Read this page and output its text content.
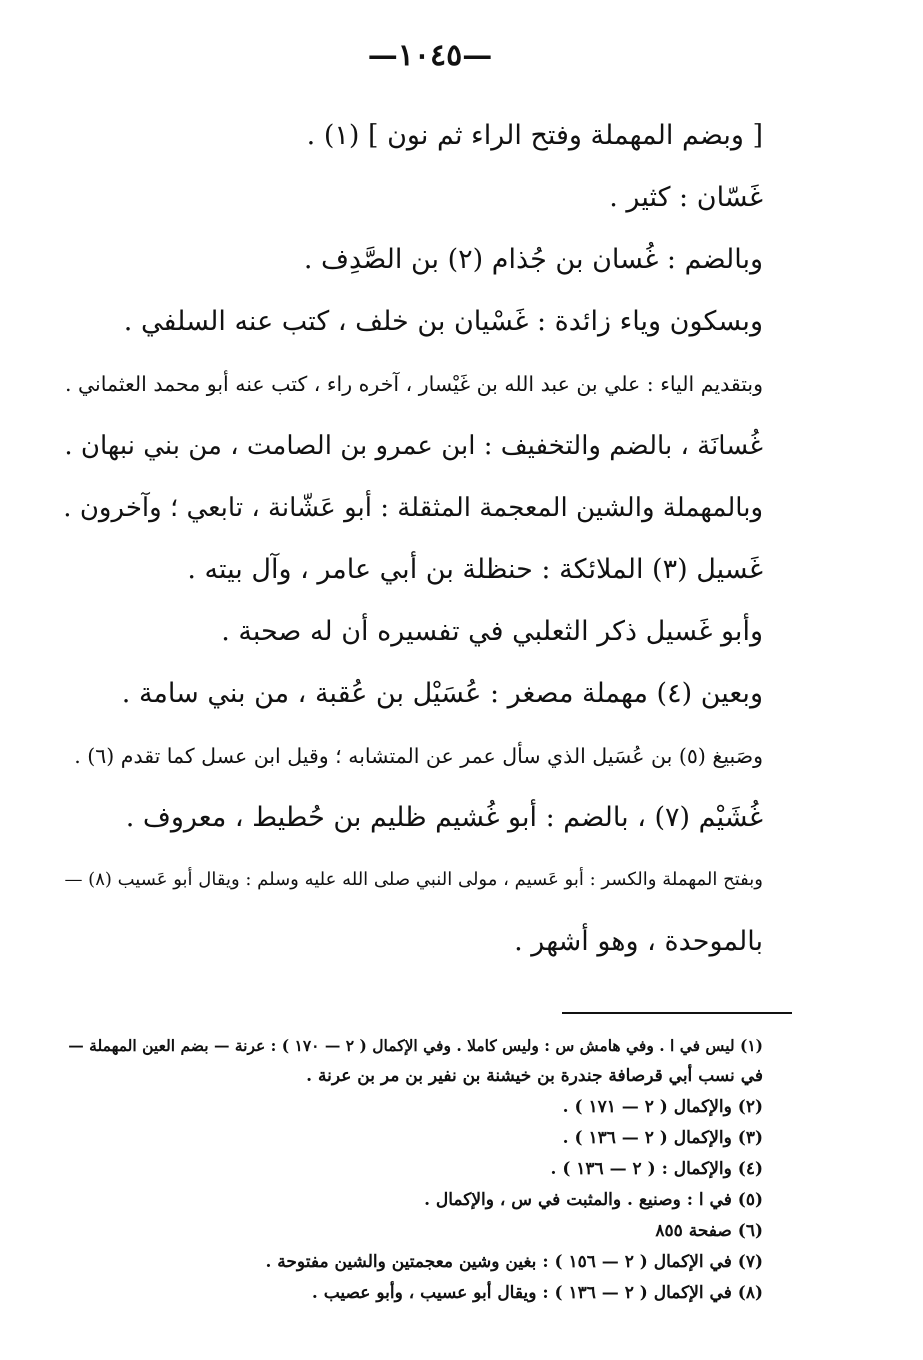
—١٠٤٥—
[ وبضم المهملة وفتح الراء ثم نون ] (١) .
غَسّان : كثير .
وبالضم : غُسان بن جُذام (٢) بن الصَّدِف .
وبسكون وياء زائدة : غَسْيان بن خلف ، كتب عنه السلفي .
وبتقديم الياء : علي بن عبد الله بن غَيْسار ، آخره راء ، كتب عنه أبو محمد العثماني .
غُسانَة ، بالضم والتخفيف : ابن عمرو بن الصامت ، من بني نبهان .
وبالمهملة والشين المعجمة المثقلة : أبو عَشّانة ، تابعي ؛ وآخرون .
غَسيل (٣) الملائكة : حنظلة بن أبي عامر ، وآل بيته .
وأبو غَسيل ذكر الثعلبي في تفسيره أن له صحبة .
وبعين (٤) مهملة مصغر : عُسَيْل بن عُقبة ، من بني سامة .
وصَبيغ (٥) بن عُسَيل الذي سأل عمر عن المتشابه ؛ وقيل ابن عسل كما تقدم (٦) .
غُشَيْم (٧) ، بالضم : أبو غُشيم ظليم بن حُطيط ، معروف .
وبفتح المهملة والكسر : أبو عَسيم ، مولى النبي صلى الله عليه وسلم : ويقال أبو عَسيب (٨) —
بالموحدة ، وهو أشهر .
(١) ليس في ا . وفي هامش س : وليس كاملا . وفي الإكمال ( ٢ — ١٧٠ ) : عرنة — بضم العين المهملة —
في نسب أبي قرصافة جندرة بن خيشنة بن نفير بن مر بن عرنة .
(٢) والإكمال ( ٢ — ١٧١ ) .
(٣) والإكمال ( ٢ — ١٣٦ ) .
(٤) والإكمال : ( ٢ — ١٣٦ ) .
(٥) في ا : وصنيع . والمثبت في س ، والإكمال .
(٦) صفحة ٨٥٥
(٧) في الإكمال ( ٢ — ١٥٦ ) : بغين وشين معجمتين والشين مفتوحة .
(٨) في الإكمال ( ٢ — ١٣٦ ) : ويقال أبو عسيب ، وأبو عصيب .
